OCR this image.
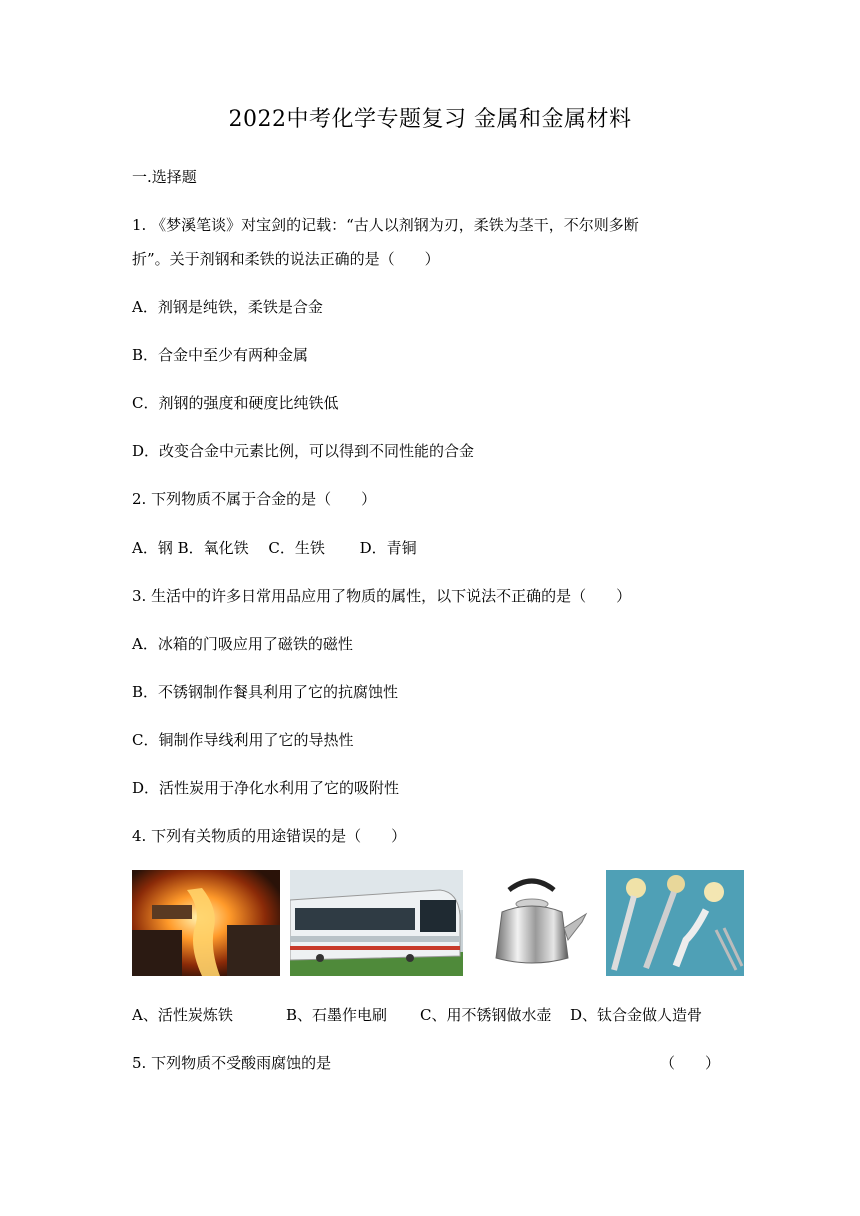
2022中考化学专题复习 金属和金属材料
一.选择题
1. 《梦溪笔谈》对宝剑的记载：“古人以剂钢为刃，柔铁为茎干，不尔则多断
折”。关于剂钢和柔铁的说法正确的是（　　）
A．剂钢是纯铁，柔铁是合金
B．合金中至少有两种金属
C．剂钢的强度和硬度比纯铁低
D．改变合金中元素比例，可以得到不同性能的合金
2. 下列物质不属于合金的是（　　）
A．钢 B．氧化铁　 C．生铁　　 D．青铜
3. 生活中的许多日常用品应用了物质的属性，以下说法不正确的是（　　）
A．冰箱的门吸应用了磁铁的磁性
B．不锈钢制作餐具利用了它的抗腐蚀性
C．铜制作导线利用了它的导热性
D．活性炭用于净化水利用了它的吸附性
4. 下列有关物质的用途错误的是（　　）
A、活性炭炼铁	B、石墨作电刷 C、用不锈钢做水壶 D、钛合金做人造骨
5. 下列物质不受酸雨腐蚀的是	（　　）
